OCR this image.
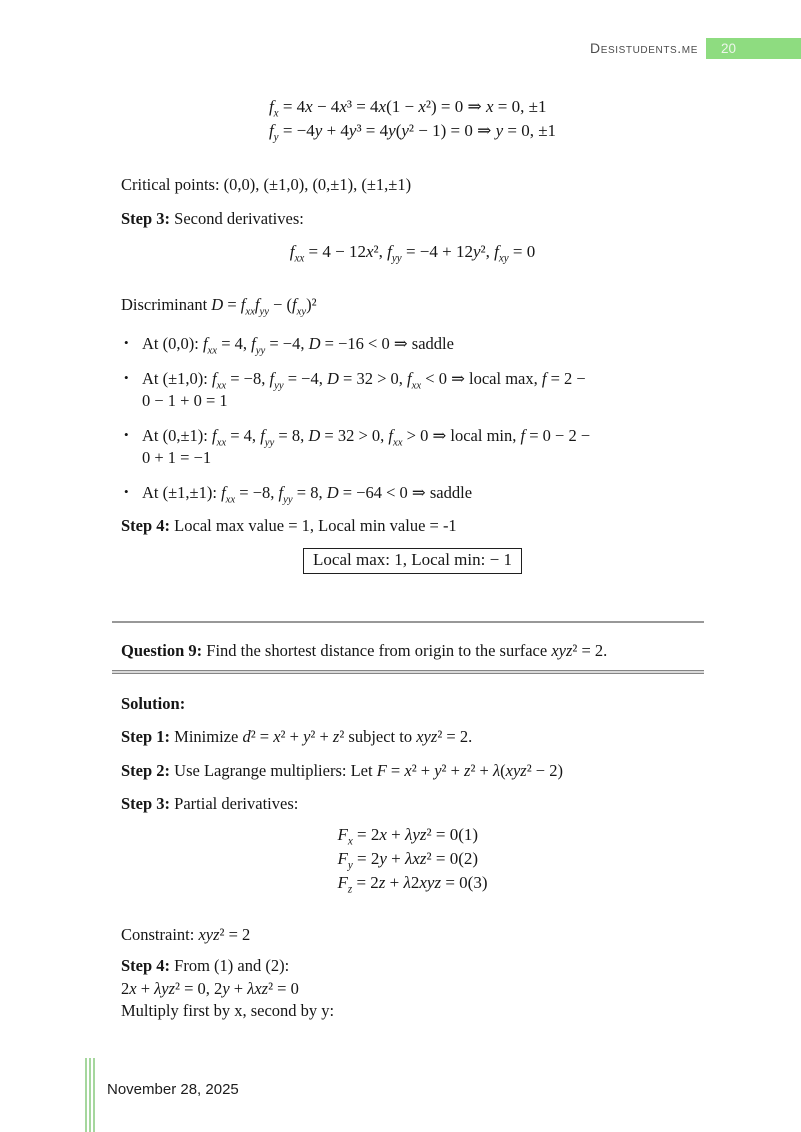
Desistudents.me	20
$f_x = 4x - 4x^3 = 4x(1 - x^2) = 0$ ⇒ x = 0, ±1
$f_y = -4y + 4y^3 = 4y(y^2 - 1) = 0$ ⇒ y = 0, ±1
Critical points: (0,0), (±1,0), (0,±1), (±1,±1)
Step 3: Second derivatives:
$f_{xx} = 4 - 12x^2$, $f_{yy} = -4 + 12y^2$, $f_{xy} = 0$
Discriminant $D = f_{xx}f_{yy} - (f_{xy})^2$
• At (0,0): $f_{xx} = 4$, $f_{yy} = -4$, D = −16 < 0 ⇒ saddle
• At (±1,0): $f_{xx} = -8$, $f_{yy} = -4$, D = 32 > 0, $f_{xx} < 0$ ⇒ local max, f = 2 −
0 − 1 + 0 = 1
• At (0,±1): $f_{xx} = 4$, $f_{yy} = 8$, D = 32 > 0, $f_{xx} > 0$ ⇒ local min, f = 0 − 2 −
0 + 1 = −1
• At (±1,±1): $f_{xx} = -8$, $f_{yy} = 8$, D = −64 < 0 ⇒ saddle
Step 4: Local max value = 1, Local min value = -1
Local max: 1, Local min: − 1
Question 9: Find the shortest distance from origin to the surface xyz² = 2.
Solution:
Step 1: Minimize d² = x² + y² + z² subject to xyz² = 2.
Step 2: Use Lagrange multipliers: Let F = x² + y² + z² + λ(xyz² − 2)
Step 3: Partial derivatives:
$F_x = 2x + \lambda yz^2 = 0(1)$
$F_y = 2y + \lambda xz^2 = 0(2)$
$F_z = 2z + \lambda 2xyz = 0(3)$
Constraint: xyz² = 2
Step 4: From (1) and (2):
2x + λyz² = 0, 2y + λxz² = 0
Multiply first by x, second by y:
November 28, 2025
